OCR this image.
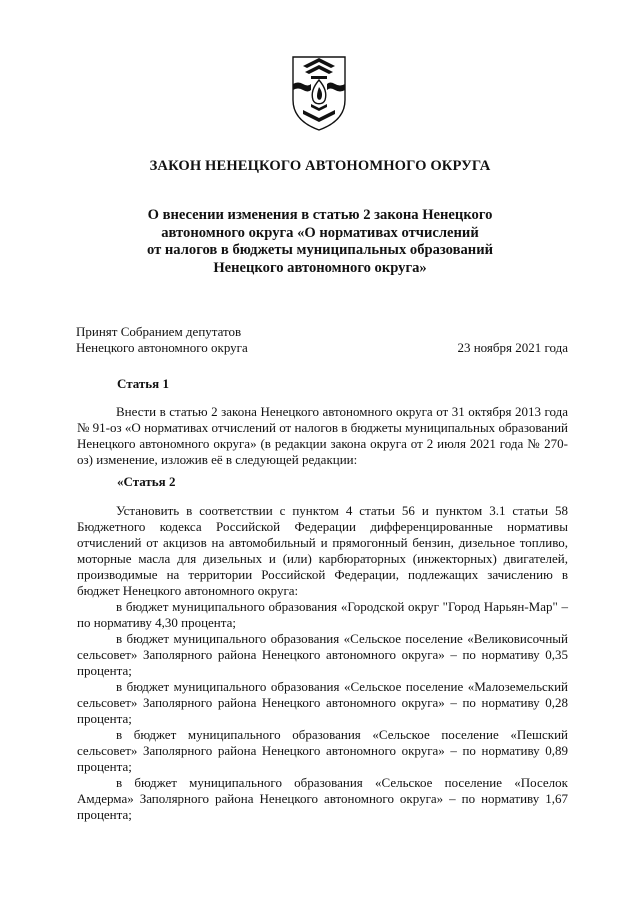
ЗАКОН НЕНЕЦКОГО АВТОНОМНОГО ОКРУГА
О внесении изменения в статью 2 закона Ненецкого
автономного округа «О нормативах отчислений
от налогов в бюджеты муниципальных образований
Ненецкого автономного округа»
Принят Собранием депутатов
Ненецкого автономного округа	23 ноября 2021 года
Статья 1

Внести в статью 2 закона Ненецкого автономного округа от 31 октября 2013 года № 91-оз «О нормативах отчислений от налогов в бюджеты муниципальных образований Ненецкого автономного округа» (в редакции закона округа от 2 июля 2021 года № 270-оз) изменение, изложив её в следующей редакции:

«Статья 2

Установить в соответствии с пунктом 4 статьи 56 и пунктом 3.1 статьи 58 Бюджетного кодекса Российской Федерации дифференцированные нормативы отчислений от акцизов на автомобильный и прямогонный бензин, дизельное топливо, моторные масла для дизельных и (или) карбюраторных (инжекторных) двигателей, производимые на территории Российской Федерации, подлежащих зачислению в бюджет Ненецкого автономного округа:

в бюджет муниципального образования «Городской округ "Город Нарьян-Мар" – по нормативу 4,30 процента;

в бюджет муниципального образования «Сельское поселение «Великовисочный сельсовет» Заполярного района Ненецкого автономного округа» – по нормативу 0,35 процента;

в бюджет муниципального образования «Сельское поселение «Малоземельский сельсовет» Заполярного района Ненецкого автономного округа» – по нормативу 0,28 процента;

в бюджет муниципального образования «Сельское поселение «Пешский сельсовет» Заполярного района Ненецкого автономного округа» – по нормативу 0,89 процента;

в бюджет муниципального образования «Сельское поселение «Поселок Амдерма» Заполярного района Ненецкого автономного округа» – по нормативу 1,67 процента;
